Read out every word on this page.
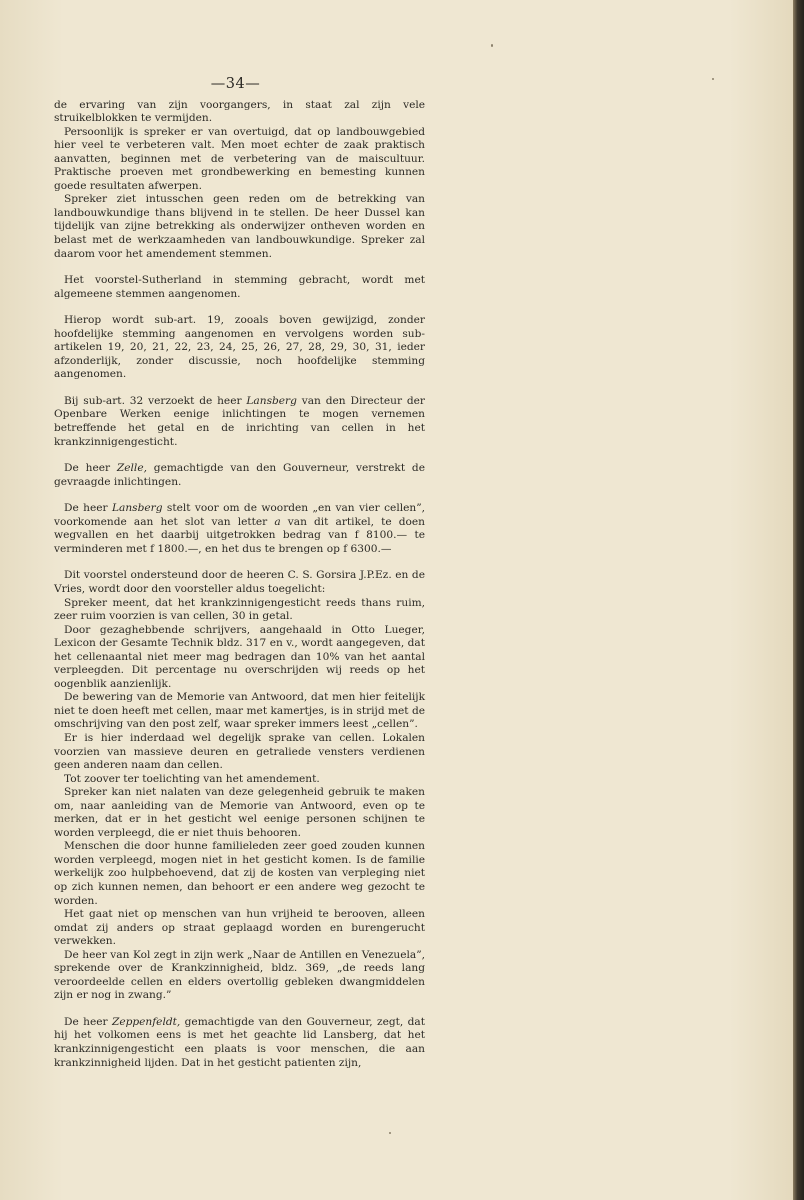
—34—

de ervaring van zijn voorgangers, in staat zal zijn vele struikelblokken te vermijden.

Persoonlijk is spreker er van overtuigd, dat op landbouwgebied hier veel te verbeteren valt. Men moet echter de zaak praktisch aanvatten, beginnen met de verbetering van de maiscultuur. Praktische proeven met grondbewerking en bemesting kunnen goede resultaten afwerpen.

Spreker ziet intusschen geen reden om de betrekking van landbouwkundige thans blijvend in te stellen. De heer Dussel kan tijdelijk van zijne betrekking als onderwijzer ontheven worden en belast met de werkzaamheden van landbouwkundige. Spreker zal daarom voor het amendement stemmen.

Het voorstel-Sutherland in stemming gebracht, wordt met algemeene stemmen aangenomen.

Hierop wordt sub-art. 19, zooals boven gewijzigd, zonder hoofdelijke stemming aangenomen en vervolgens worden sub-artikelen 19, 20, 21, 22, 23, 24, 25, 26, 27, 28, 29, 30, 31, ieder afzonderlijk, zonder discussie, noch hoofdelijke stemming aangenomen.

Bij sub-art. 32 verzoekt de heer Lansberg van den Directeur der Openbare Werken eenige inlichtingen te mogen vernemen betreffende het getal en de inrichting van cellen in het krankzinnigengesticht.

De heer Zelle, gemachtigde van den Gouverneur, verstrekt de gevraagde inlichtingen.

De heer Lansberg stelt voor om de woorden „en van vier cellen”, voorkomende aan het slot van letter a van dit artikel, te doen wegvallen en het daarbij uitgetrokken bedrag van f 8100.— te verminderen met f 1800.—, en het dus te brengen op f 6300.—

Dit voorstel ondersteund door de heeren C. S. Gorsira J.P.Ez. en de Vries, wordt door den voorsteller aldus toegelicht:

Spreker meent, dat het krankzinnigengesticht reeds thans ruim, zeer ruim voorzien is van cellen, 30 in getal.

Door gezaghebbende schrijvers, aangehaald in Otto Lueger, Lexicon der Gesamte Technik bldz. 317 en v., wordt aangegeven, dat het cellenaantal niet meer mag bedragen dan 10% van het aantal verpleegden. Dit percentage nu overschrijden wij reeds op het oogenblik aanzienlijk.

De bewering van de Memorie van Antwoord, dat men hier feitelijk niet te doen heeft met cellen, maar met kamertjes, is in strijd met de omschrijving van den post zelf, waar spreker immers leest „cellen”.

Er is hier inderdaad wel degelijk sprake van cellen. Lokalen voorzien van massieve deuren en getraliede vensters verdienen geen anderen naam dan cellen.

Tot zoover ter toelichting van het amendement.

Spreker kan niet nalaten van deze gelegenheid gebruik te maken om, naar aanleiding van de Memorie van Antwoord, even op te merken, dat er in het gesticht wel eenige personen schijnen te worden verpleegd, die er niet thuis behooren.

Menschen die door hunne familieleden zeer goed zouden kunnen worden verpleegd, mogen niet in het gesticht komen. Is de familie werkelijk zoo hulpbehoevend, dat zij de kosten van verpleging niet op zich kunnen nemen, dan behoort er een andere weg gezocht te worden.

Het gaat niet op menschen van hun vrijheid te berooven, alleen omdat zij anders op straat geplaagd worden en burengerucht verwekken.

De heer van Kol zegt in zijn werk „Naar de Antillen en Venezuela”, sprekende over de Krankzinnigheid, bldz. 369, „de reeds lang veroordeelde cellen en elders overtollig gebleken dwangmiddelen zijn er nog in zwang.”

De heer Zeppenfeldt, gemachtigde van den Gouverneur, zegt, dat hij het volkomen eens is met het geachte lid Lansberg, dat het krankzinnigengesticht een plaats is voor menschen, die aan krankzinnigheid lijden. Dat in het gesticht patienten zijn,
